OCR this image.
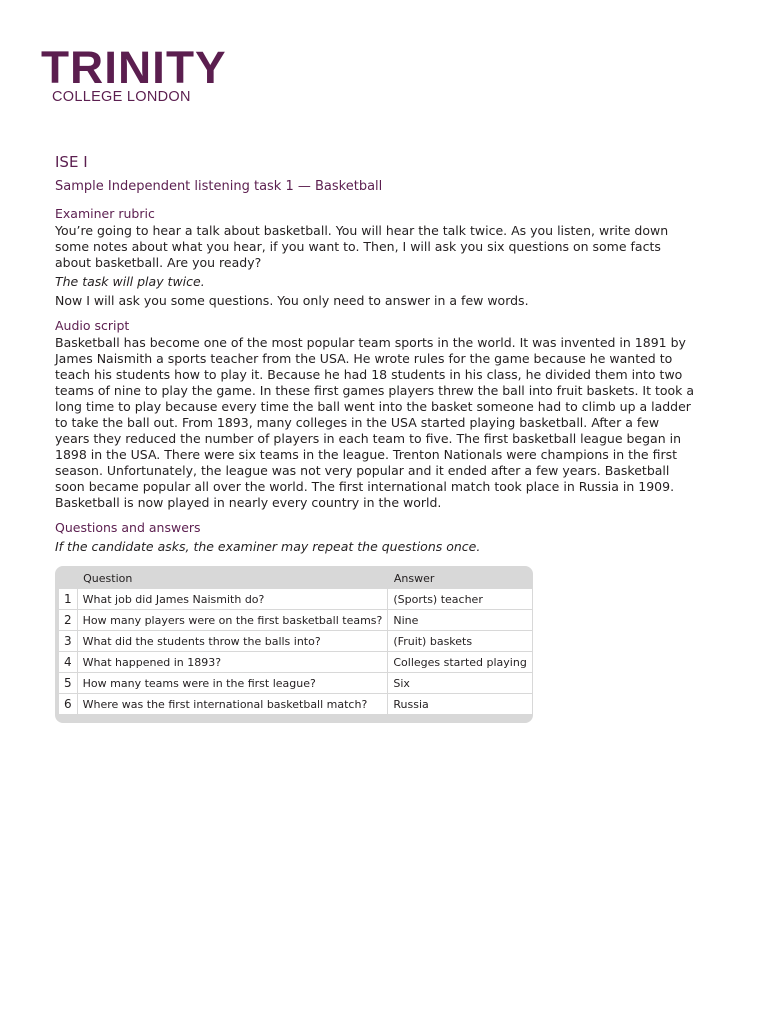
TRINITY
COLLEGE LONDON
ISE I
Sample Independent listening task 1 — Basketball
Examiner rubric

You’re going to hear a talk about basketball. You will hear the talk twice. As you listen, write down some notes about what you hear, if you want to. Then, I will ask you six questions on some facts about basketball. Are you ready?

The task will play twice.

Now I will ask you some questions. You only need to answer in a few words.

Audio script

Basketball has become one of the most popular team sports in the world. It was invented in 1891 by James Naismith a sports teacher from the USA. He wrote rules for the game because he wanted to teach his students how to play it. Because he had 18 students in his class, he divided them into two teams of nine to play the game. In these first games players threw the ball into fruit baskets. It took a long time to play because every time the ball went into the basket someone had to climb up a ladder to take the ball out. From 1893, many colleges in the USA started playing basketball. After a few years they reduced the number of players in each team to five. The first basketball league began in 1898 in the USA. There were six teams in the league. Trenton Nationals were champions in the first season. Unfortunately, the league was not very popular and it ended after a few years. Basketball soon became popular all over the world. The first international match took place in Russia in 1909. Basketball is now played in nearly every country in the world.

Questions and answers

If the candidate asks, the examiner may repeat the questions once.

	Question	Answer
1	What job did James Naismith do?	(Sports) teacher
2	How many players were on the first basketball teams?	Nine
3	What did the students throw the balls into?	(Fruit) baskets
4	What happened in 1893?	Colleges started playing
5	How many teams were in the first league?	Six
6	Where was the first international basketball match?	Russia
